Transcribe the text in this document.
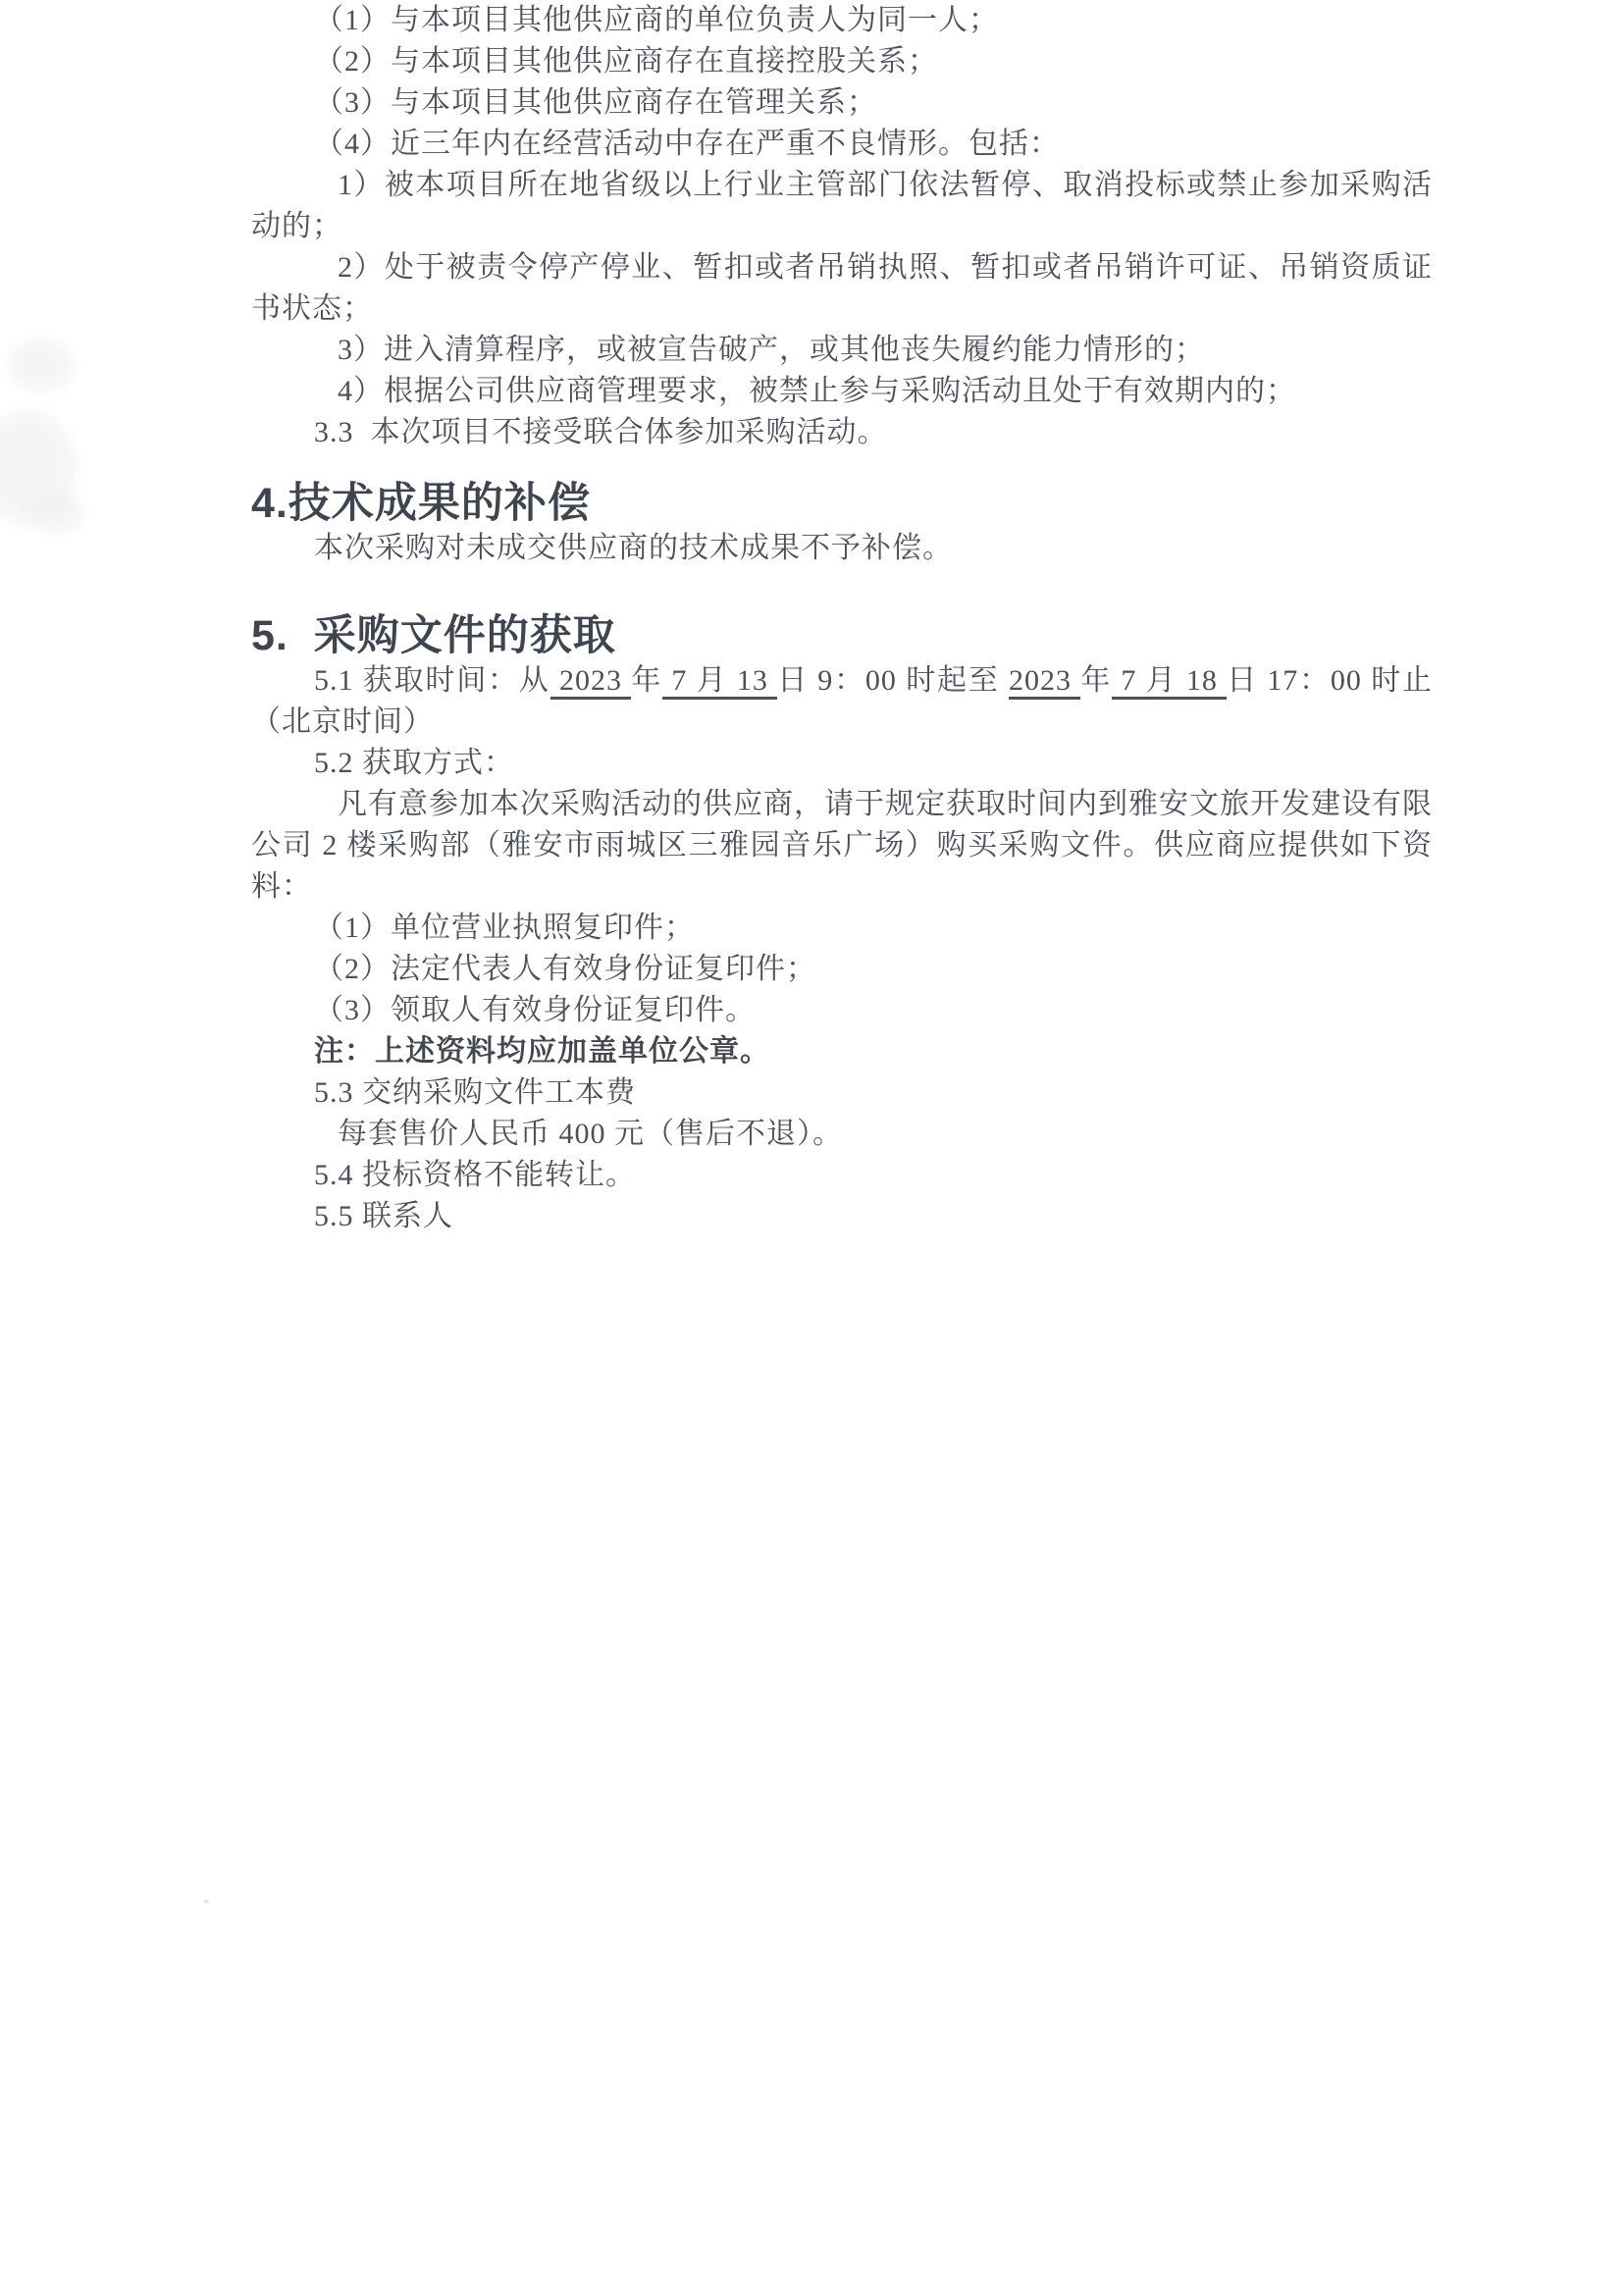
（1）与本项目其他供应商的单位负责人为同一人；

（2）与本项目其他供应商存在直接控股关系；

（3）与本项目其他供应商存在管理关系；

（4）近三年内在经营活动中存在严重不良情形。包括：

1）被本项目所在地省级以上行业主管部门依法暂停、取消投标或禁止参加采购活动的；

2）处于被责令停产停业、暂扣或者吊销执照、暂扣或者吊销许可证、吊销资质证书状态；

3）进入清算程序，或被宣告破产，或其他丧失履约能力情形的；

4）根据公司供应商管理要求，被禁止参与采购活动且处于有效期内的；

3.3  本次项目不接受联合体参加采购活动。

4.技术成果的补偿

本次采购对未成交供应商的技术成果不予补偿。

5.  采购文件的获取

5.1 获取时间：从 2023 年 7 月 13 日 9：00 时起至 2023 年 7 月 18 日 17：00 时止（北京时间）

5.2 获取方式：

凡有意参加本次采购活动的供应商，请于规定获取时间内到雅安文旅开发建设有限公司 2 楼采购部（雅安市雨城区三雅园音乐广场）购买采购文件。供应商应提供如下资料：

（1）单位营业执照复印件；

（2）法定代表人有效身份证复印件；

（3）领取人有效身份证复印件。

注：上述资料均应加盖单位公章。

5.3 交纳采购文件工本费

每套售价人民币 400 元（售后不退）。

5.4 投标资格不能转让。

5.5 联系人
